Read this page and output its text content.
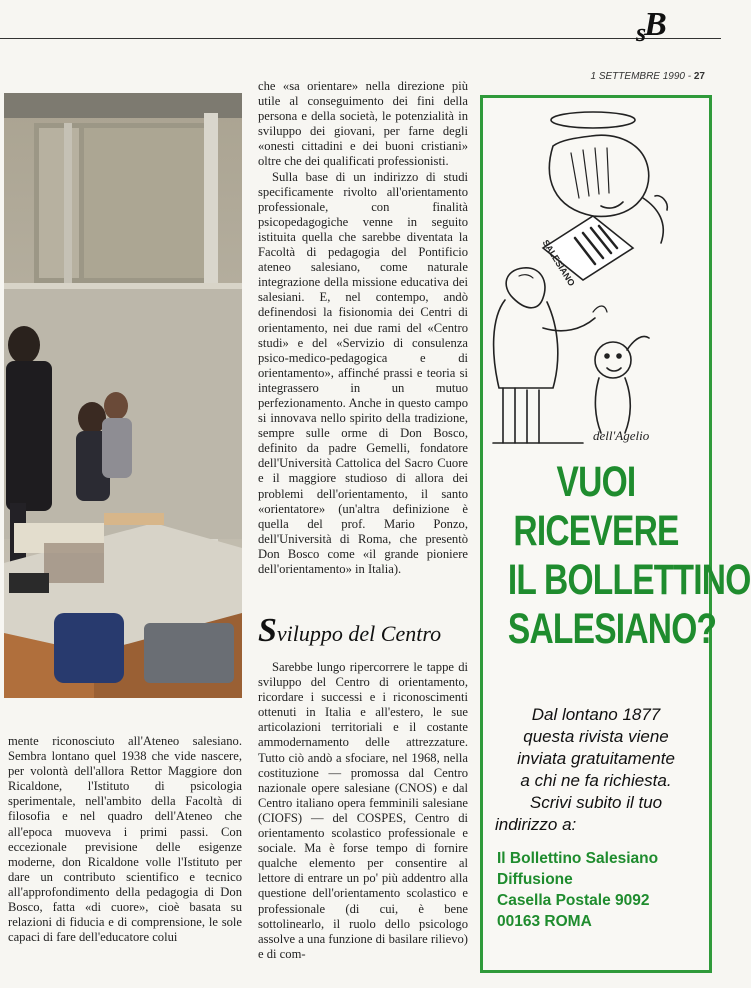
sB
1 SETTEMBRE 1990 - 27

mente riconosciuto all'Ateneo salesiano. Sembra lontano quel 1938 che vide nascere, per volontà dell'allora Rettor Maggiore don Ricaldone, l'Istituto di psicologia sperimentale, nell'ambito della Facoltà di filosofia e nel quadro dell'Ateneo che all'epoca muoveva i primi passi. Con eccezionale previsione delle esigenze moderne, don Ricaldone volle l'Istituto per dare un contributo scientifico e tecnico all'approfondimento della pedagogia di Don Bosco, fatta «di cuore», cioè basata su relazioni di fiducia e di comprensione, le sole capaci di fare dell'educatore colui

che «sa orientare» nella direzione più utile al conseguimento dei fini della persona e della società, le potenzialità in sviluppo dei giovani, per farne degli «onesti cittadini e dei buoni cristiani» oltre che dei qualificati professionisti.

Sulla base di un indirizzo di studi specificamente rivolto all'orientamento professionale, con finalità psicopedagogiche venne in seguito istituita quella che sarebbe diventata la Facoltà di pedagogia del Pontificio ateneo salesiano, come naturale integrazione della missione educativa dei salesiani. E, nel contempo, andò definendosi la fisionomia dei Centri di orientamento, nei due rami del «Centro studi» e del «Servizio di consulenza psico-medico-pedagogica e di orientamento», affinché prassi e teoria si integrassero in un mutuo perfezionamento. Anche in questo campo si innovava nello spirito della tradizione, sempre sulle orme di Don Bosco, definito da padre Gemelli, fondatore dell'Università Cattolica del Sacro Cuore e il maggiore studioso di allora dei problemi dell'orientamento, il santo «orientatore» (un'altra definizione è quella del prof. Mario Ponzo, dell'Università di Roma, che presentò Don Bosco come «il grande pioniere dell'orientamento» in Italia).

Sviluppo del Centro

Sarebbe lungo ripercorrere le tappe di sviluppo del Centro di orientamento, ricordare i successi e i riconoscimenti ottenuti in Italia e all'estero, le sue articolazioni territoriali e il costante ammodernamento delle attrezzature. Tutto ciò andò a sfociare, nel 1968, nella costituzione — promossa dal Centro nazionale opere salesiane (CNOS) e dal Centro italiano opera femminili salesiane (CIOFS) — del COSPES, Centro di orientamento scolastico professionale e sociale. Ma è forse tempo di fornire qualche elemento per consentire al lettore di entrare un po' più addentro alla questione dell'orientamento scolastico e professionale (di cui, è bene sottolinearlo, il ruolo dello psicologo assolve a una funzione di basilare rilievo) e di com-

SALESIANO
dell'Agelio
VUOI
RICEVERE
IL BOLLETTINO
SALESIANO?
Dal lontano 1877
questa rivista viene
inviata gratuitamente
a chi ne fa richiesta.
Scrivi subito il tuo
indirizzo a:
Il Bollettino Salesiano
Diffusione
Casella Postale 9092
00163 ROMA
